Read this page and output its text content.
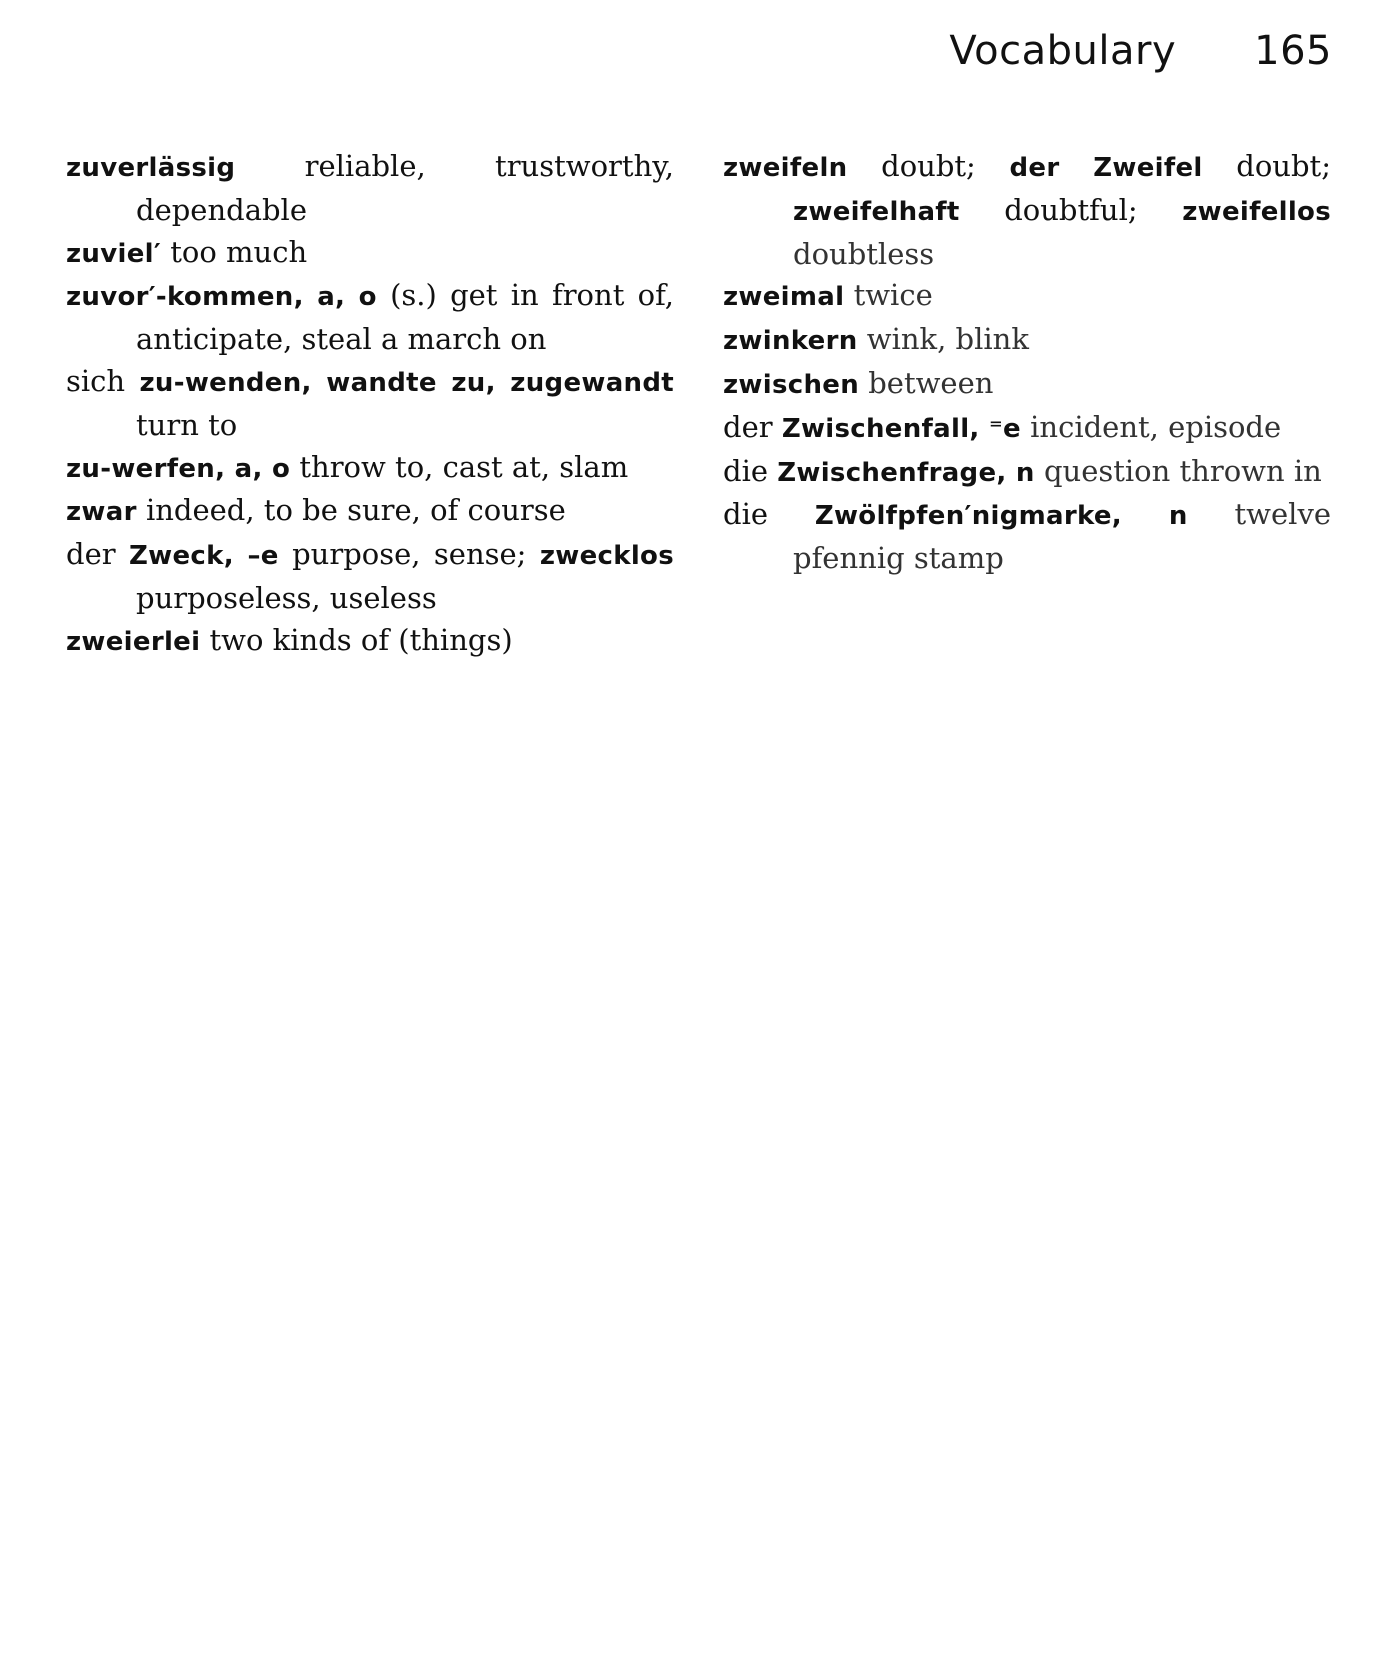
Vocabulary 165

zuverlässig reliable, trustworthy, dependable

zuviel′ too much

zuvor′-kommen, a, o (s.) get in front of, anticipate, steal a march on

sich zu-wenden, wandte zu, zugewandt turn to

zu-werfen, a, o throw to, cast at, slam

zwar indeed, to be sure, of course

der Zweck, –e purpose, sense; zwecklos purposeless, useless

zweierlei two kinds of (things)

zweifeln doubt; der Zweifel doubt; zweifelhaft doubtful; zweifellos doubtless

zweimal twice

zwinkern wink, blink

zwischen between

der Zwischenfall, ⁼e incident, episode

die Zwischenfrage, n question thrown in

die Zwölfpfen′nigmarke, n twelve pfennig stamp
